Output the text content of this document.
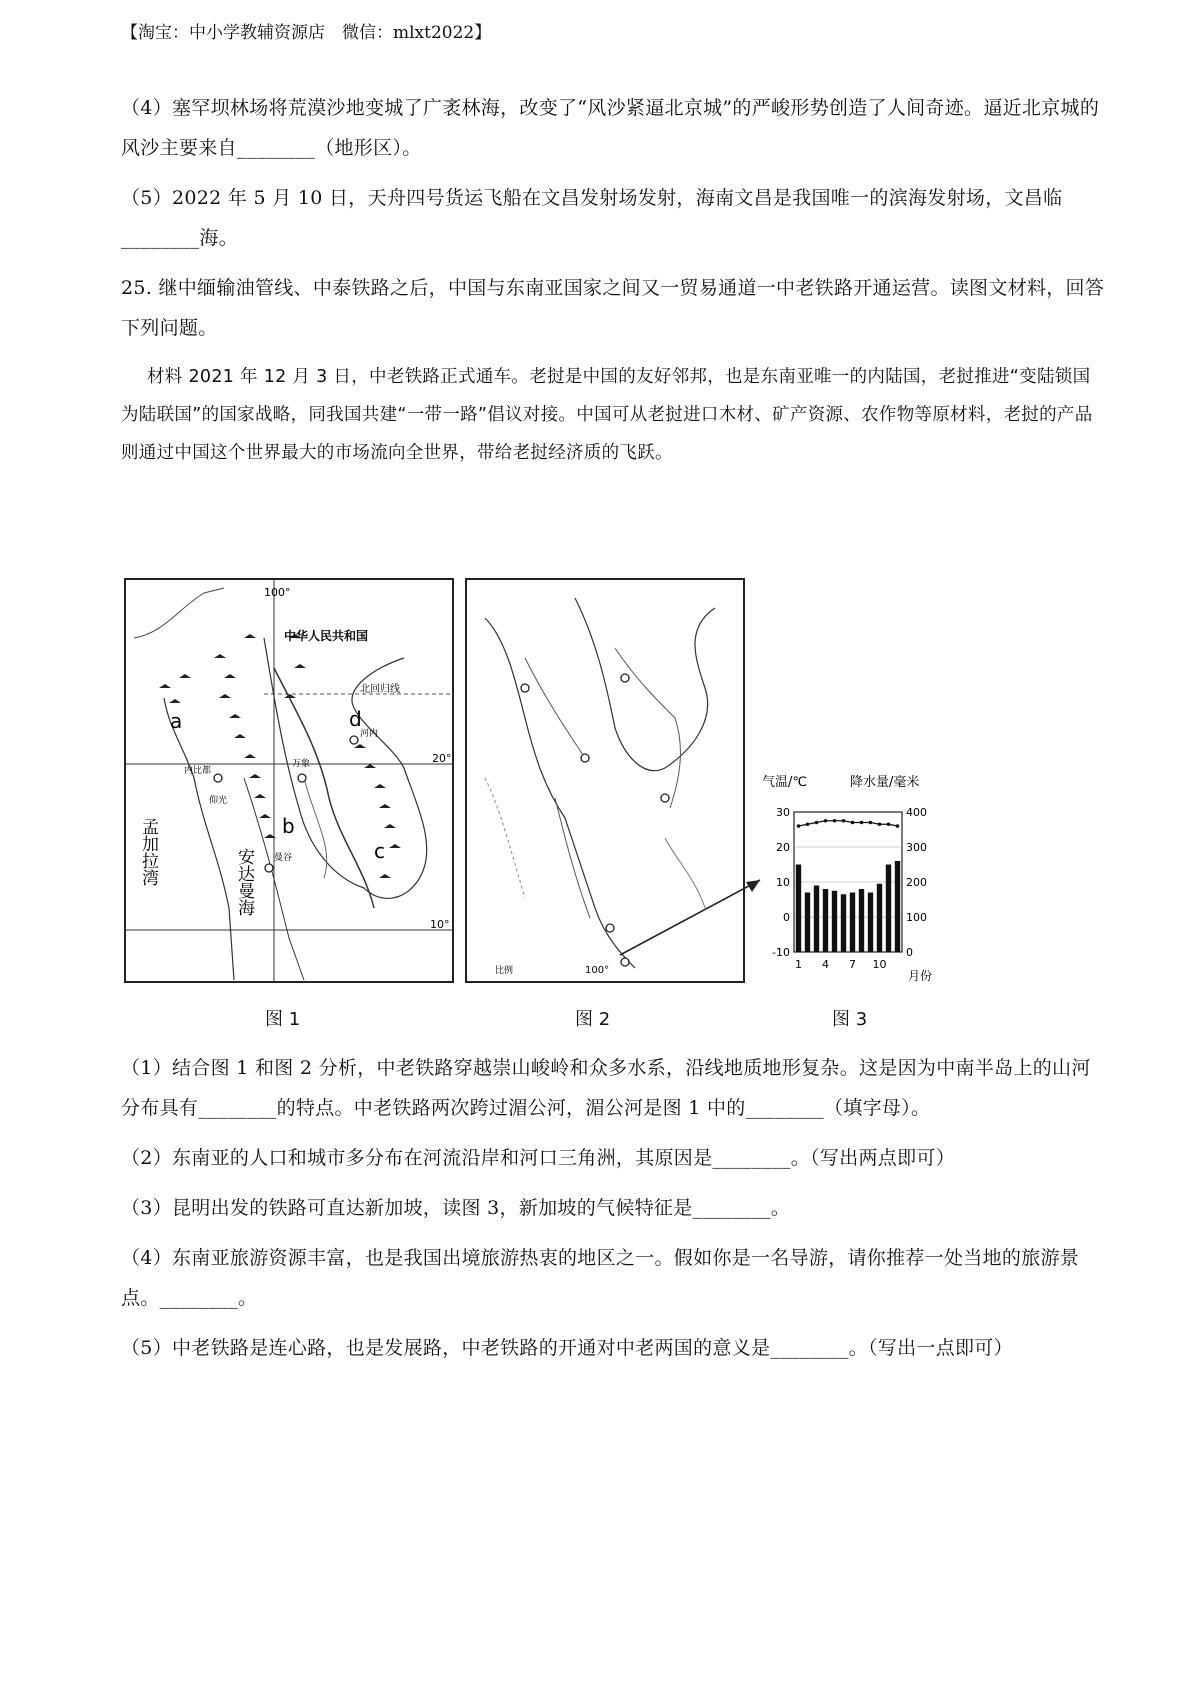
【淘宝：中小学教辅资源店　微信：mlxt2022】
（4）塞罕坝林场将荒漠沙地变城了广袤林海，改变了“风沙紧逼北京城”的严峻形势创造了人间奇迹。逼近北京城的风沙主要来自________（地形区）。
（5）2022 年 5 月 10 日，天舟四号货运飞船在文昌发射场发射，海南文昌是我国唯一的滨海发射场，文昌临________海。
25. 继中缅输油管线、中泰铁路之后，中国与东南亚国家之间又一贸易通道一中老铁路开通运营。读图文材料，回答下列问题。
材料 2021 年 12 月 3 日，中老铁路正式通车。老挝是中国的友好邻邦，也是东南亚唯一的内陆国，老挝推进“变陆锁国为陆联国”的国家战略，同我国共建“一带一路”倡议对接。中国可从老挝进口木材、矿产资源、农作物等原材料，老挝的产品则通过中国这个世界最大的市场流向全世界，带给老挝经济质的飞跃。
100°
中华人民共和国
北回归线
20°
10°
a
b
c
d
河内
万象
曼谷
内比都
仰光
孟加拉湾	安达曼海
100°
比例
气温/℃	降水量/毫米
30
20
10
0
-10
400
300
200
100
0
1 4 7 10
月份
图 1	图 2	图 3
（1）结合图 1 和图 2 分析，中老铁路穿越崇山峻岭和众多水系，沿线地质地形复杂。这是因为中南半岛上的山河分布具有________的特点。中老铁路两次跨过湄公河，湄公河是图 1 中的________（填字母）。
（2）东南亚的人口和城市多分布在河流沿岸和河口三角洲，其原因是________。（写出两点即可）
（3）昆明出发的铁路可直达新加坡，读图 3，新加坡的气候特征是________。
（4）东南亚旅游资源丰富，也是我国出境旅游热衷的地区之一。假如你是一名导游，请你推荐一处当地的旅游景点。________。
（5）中老铁路是连心路，也是发展路，中老铁路的开通对中老两国的意义是________。（写出一点即可）
